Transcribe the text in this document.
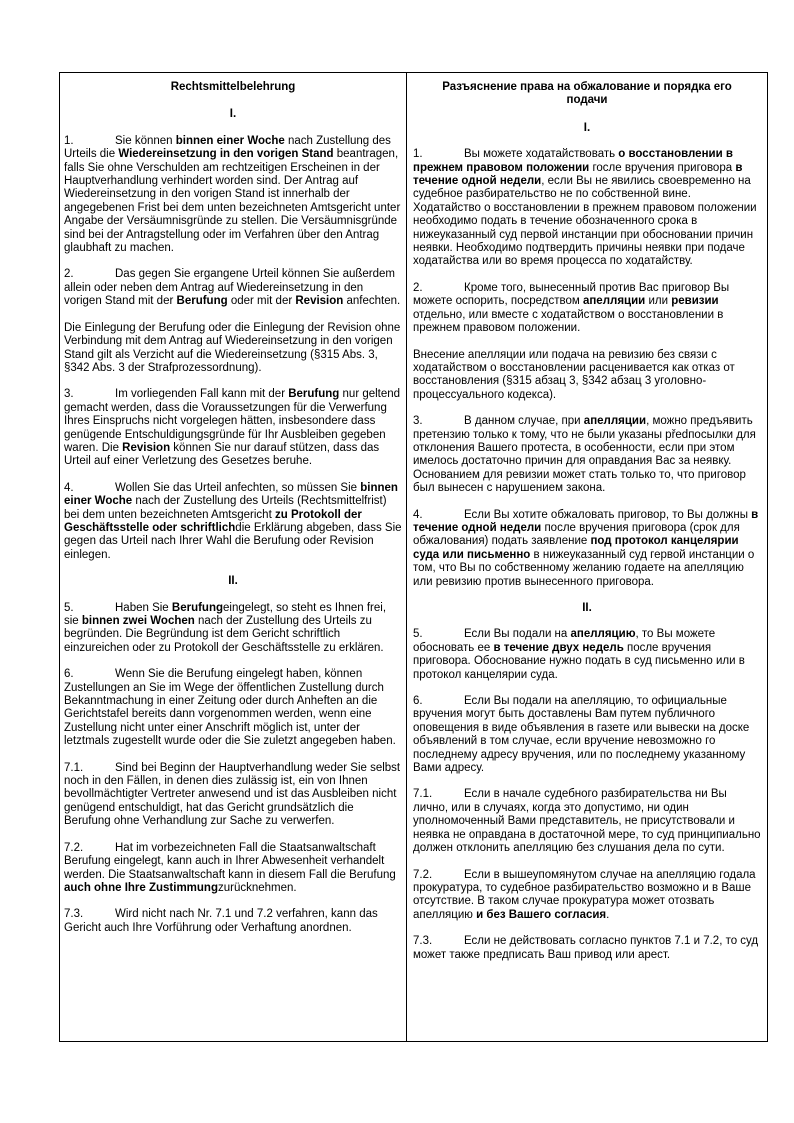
Rechtsmittelbelehrung
I.

1.	Sie können binnen einer Woche nach Zustellung des Urteils die Wiedereinsetzung in den vorigen Stand beantragen, falls Sie ohne Verschulden am rechtzeitigen Erscheinen in der Hauptverhandlung verhindert worden sind. Der Antrag auf Wiedereinsetzung in den vorigen Stand ist innerhalb der angegebenen Frist bei dem unten bezeichneten Amtsgericht unter Angabe der Versäumnisgründe zu stellen. Die Versäumnisgründe sind bei der Antragstellung oder im Verfahren über den Antrag glaubhaft zu machen.

2.	Das gegen Sie ergangene Urteil können Sie außerdem allein oder neben dem Antrag auf Wiedereinsetzung in den vorigen Stand mit der Berufung oder mit der Revision anfechten.

Die Einlegung der Berufung oder die Einlegung der Revision ohne Verbindung mit dem Antrag auf Wiedereinsetzung in den vorigen Stand gilt als Verzicht auf die Wiedereinsetzung (§315 Abs. 3, §342 Abs. 3 der Strafprozessordnung).

3.	Im vorliegenden Fall kann mit der Berufung nur geltend gemacht werden, dass die Voraussetzungen für die Verwerfung Ihres Einspruchs nicht vorgelegen hätten, insbesondere dass genügende Entschuldigungsgründe für Ihr Ausbleiben gegeben waren. Die Revision können Sie nur darauf stützen, dass das Urteil auf einer Verletzung des Gesetzes beruhe.

4.	Wollen Sie das Urteil anfechten, so müssen Sie binnen einer Woche nach der Zustellung des Urteils (Rechtsmittelfrist) bei dem unten bezeichneten Amtsgericht zu Protokoll der Geschäftsstelle oder schriftlichdie Erklärung abgeben, dass Sie gegen das Urteil nach Ihrer Wahl die Berufung oder Revision einlegen.

II.

5.	Haben Sie Berufungeingelegt, so steht es Ihnen frei, sie binnen zwei Wochen nach der Zustellung des Urteils zu begründen. Die Begründung ist dem Gericht schriftlich einzureichen oder zu Protokoll der Geschäftsstelle zu erklären.

6.	Wenn Sie die Berufung eingelegt haben, können Zustellungen an Sie im Wege der öffentlichen Zustellung durch Bekanntmachung in einer Zeitung oder durch Anheften an die Gerichtstafel bereits dann vorgenommen werden, wenn eine Zustellung nicht unter einer Anschrift möglich ist, unter der letztmals zugestellt wurde oder die Sie zuletzt angegeben haben.

7.1.	Sind bei Beginn der Hauptverhandlung weder Sie selbst noch in den Fällen, in denen dies zulässig ist, ein von Ihnen bevollmächtigter Vertreter anwesend und ist das Ausbleiben nicht genügend entschuldigt, hat das Gericht grundsätzlich die Berufung ohne Verhandlung zur Sache zu verwerfen.

7.2.	Hat im vorbezeichneten Fall die Staatsanwaltschaft Berufung eingelegt, kann auch in Ihrer Abwesenheit verhandelt werden. Die Staatsanwaltschaft kann in diesem Fall die Berufung auch ohne Ihre Zustimmungzurücknehmen.

7.3.	Wird nicht nach Nr. 7.1 und 7.2 verfahren, kann das Gericht auch Ihre Vorführung oder Verhaftung anordnen.

Разъяснение права на обжалование и порядка его подачи
I.

1.	Вы можете ходатайствовать о восстановлении в прежнем правовом положении госле вручения приговора в течение одной недели, если Вы не явились своевременно на судебное разбирательство не по собственной вине. Ходатайство о восстановлении в прежнем правовом положении необходимо подать в течение обозначенного срока в нижеуказанный суд первой инстанции при обосновании причин неявки. Необходимо подтвердить причины неявки при подаче ходатайства или во время процесса по ходатайству.

2.	Кроме того, вынесенный против Вас приговор Вы можете оспорить, посредством апелляции или ревизии отдельно, или вместе с ходатайством о восстановлении в прежнем правовом положении.

Внесение апелляции или подача на ревизию без связи с ходатайством о восстановлении расценивается как отказ от восстановления (§315 абзац 3, §342 абзац 3 уголовно-процессуального кодекса).

3.	В данном случае, при апелляции, можно предъявить претензию только к тому, что не были указаны předпосылки для отклонения Вашего протеста, в особенности, если при этом имелось достаточно причин для оправдания Вас за неявку. Основанием для ревизии может стать только то, что приговор был вынесен с нарушением закона.

4.	Если Вы хотите обжаловать приговор, то Вы должны в течение одной недели после вручения приговора (срок для обжалования) подать заявление под протокол канцелярии суда или письменно в нижеуказанный суд гервой инстанции о том, что Вы по собственному желанию годаете на апелляцию или ревизию против вынесенного приговора.

II.

5.	Если Вы подали на апелляцию, то Вы можете обосновать ее в течение двух недель после вручения приговора. Обоснование нужно подать в суд письменно или в протокол канцелярии суда.

6.	Если Вы подали на апелляцию, то официальные вручения могут быть доставлены Вам путем публичного оповещения в виде объявления в газете или вывески на доске объявлений в том случае, если вручение невозможно го последнему адресу вручения, или по последнему указанному Вами адресу.

7.1.	Если в начале судебного разбирательства ни Вы лично, или в случаях, когда это допустимо, ни один уполномоченный Вами представитель, не присутствовали и неявка не оправдана в достаточной мере, то суд принципиально должен отклонить апелляцию без слушания дела по сути.

7.2.	Если в вышеупомянутом случае на апелляцию годала прокуратура, то судебное разбирательство возможно и в Ваше отсутствие. В таком случае прокуратура может отозвать апелляцию и без Вашего согласия.

7.3.	Если не действовать согласно пунктов 7.1 и 7.2, то суд может также предписать Ваш привод или арест.
